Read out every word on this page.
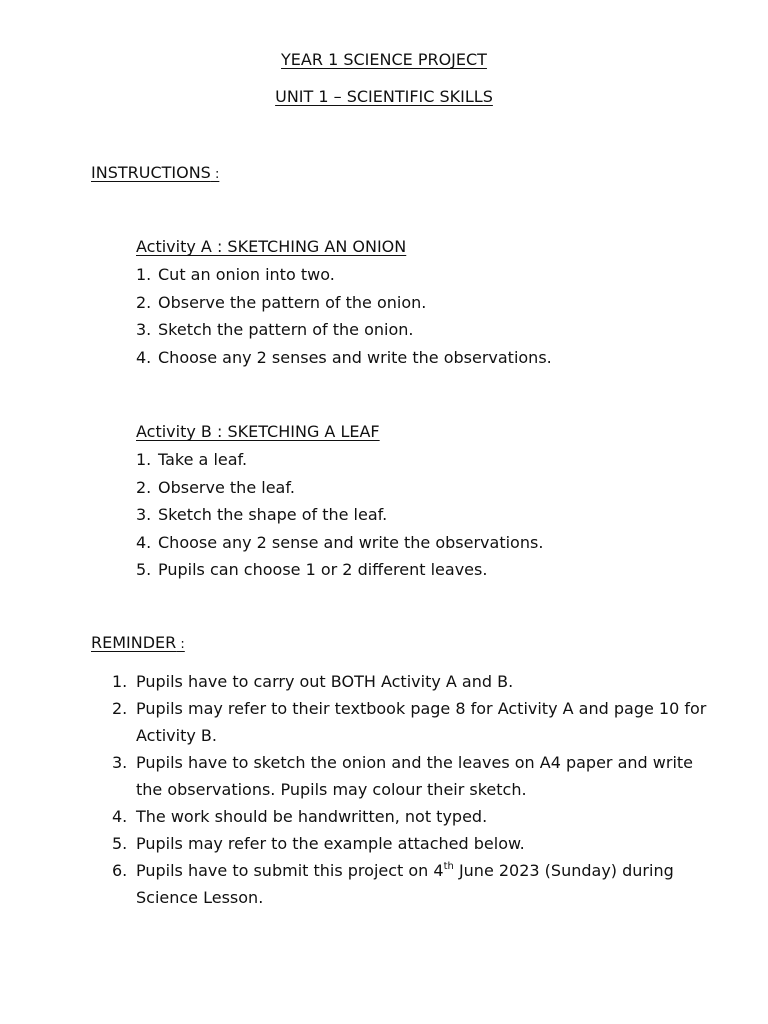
YEAR 1 SCIENCE PROJECT
UNIT 1 – SCIENTIFIC SKILLS
INSTRUCTIONS :
Activity A : SKETCHING AN ONION
1. Cut an onion into two.
2. Observe the pattern of the onion.
3. Sketch the pattern of the onion.
4. Choose any 2 senses and write the observations.
Activity B : SKETCHING A LEAF
1. Take a leaf.
2. Observe the leaf.
3. Sketch the shape of the leaf.
4. Choose any 2 sense and write the observations.
5. Pupils can choose 1 or 2 different leaves.
REMINDER :
1. Pupils have to carry out BOTH Activity A and B.
2. Pupils may refer to their textbook page 8 for Activity A and page 10 for Activity B.
3. Pupils have to sketch the onion and the leaves on A4 paper and write the observations. Pupils may colour their sketch.
4. The work should be handwritten, not typed.
5. Pupils may refer to the example attached below.
6. Pupils have to submit this project on 4th June 2023 (Sunday) during Science Lesson.
